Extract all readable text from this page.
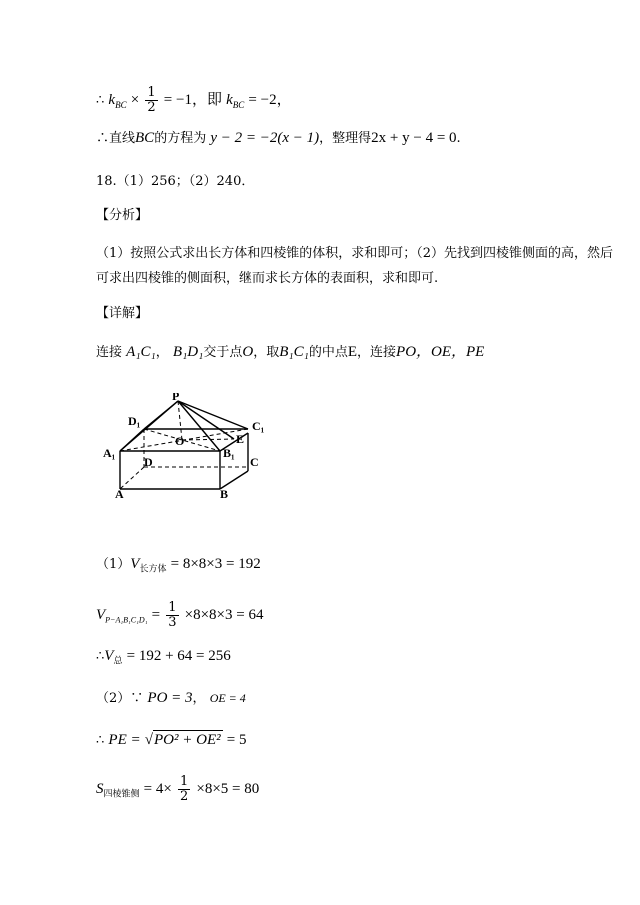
∴ $k_{BC} \times \frac{1}{2} = -1$，即 $k_{BC} = -2$，
∴直线BC的方程为 y − 2 = −2(x − 1)，整理得2x + y − 4 = 0.
18.（1）256；（2）240．
【分析】
（1）按照公式求出长方体和四棱锥的体积，求和即可；（2）先找到四棱锥侧面的高，然后
可求出四棱锥的侧面积，继而求长方体的表面积，求和即可.
【详解】
连接 A₁C₁， B₁D₁交于点O，取B₁C₁的中点E，连接PO，OE，PE
P
D₁	C₁
A₁	B₁
O	E
D	C
A	B
$(1)V_{长方体} = 8\times 8\times 3 = 192$
$V_{P-A_1B_1C_1D_1} = \frac{1}{3} \times 8\times 8\times 3 = 64$
$\therefore V_总 = 192 + 64 = 256$
（2）∵ PO = 3， OE = 4
∴ PE = √PO² + OE² = 5
$S_{四棱锥侧} = 4\times \frac{1}{2} \times 8\times 5 = 80$
